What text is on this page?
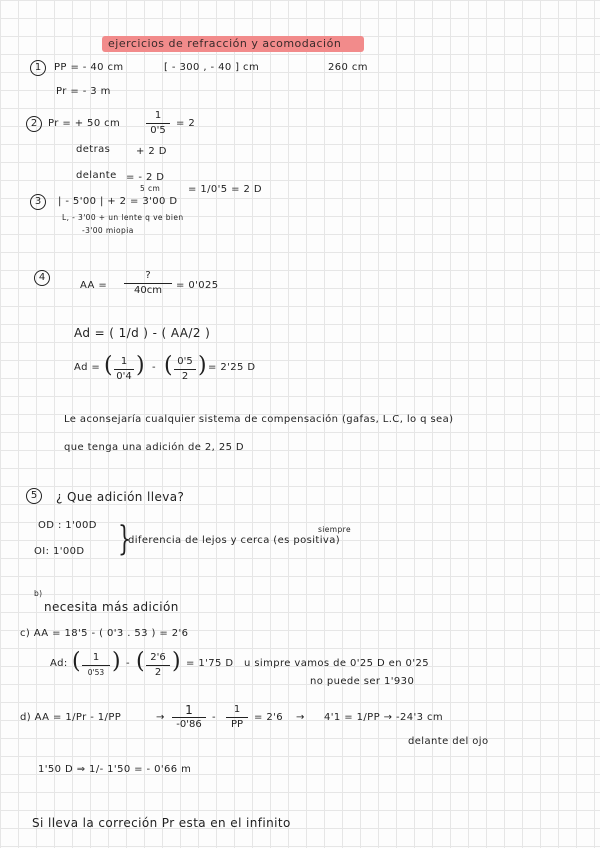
ejercicios de refracción y acomodación
1	PP = - 40 cm	[ - 300 , - 40 ] cm	260 cm
Pr = - 3 m
2	Pr = + 50 cm
1
0'5
= 2
detras	+ 2 D
delante = - 2 D
5 cm	= 1/0'5 = 2 D
3	| - 5'00 | + 2 = 3'00 D
L, - 3'00 + un lente q ve bien
-3'00 miopia
4
AA =
?
40cm	= 0'025
Ad = ( 1/d ) - ( AA/2 )
Ad = ( 1
0'4 ) - ( 0'5
2 ) = 2'25 D
Le aconsejaría cualquier sistema de compensación (gafas, L.C, lo q sea)
que tenga una adición de 2, 25 D
5	¿ Que adición lleva?
OD : 1'00D
OI: 1'00D }	siempre
diferencia de lejos y cerca (es positiva)
b)
necesita más adición
c) AA = 18'5 - ( 0'3 . 53 ) = 2'6
Ad: (	1
0'53 ) - ( 2'6
2 ) = 1'75 D u simpre vamos de 0'25 D en 0'25
no puede ser 1'930
d) AA = 1/Pr - 1/PP	→
1
-0'86
-
1
PP
= 2'6 → 4'1 = 1/PP → -24'3 cm
delante del ojo
1'50 D ⇒ 1/- 1'50 = - 0'66 m
Si lleva la correción Pr esta en el infinito
